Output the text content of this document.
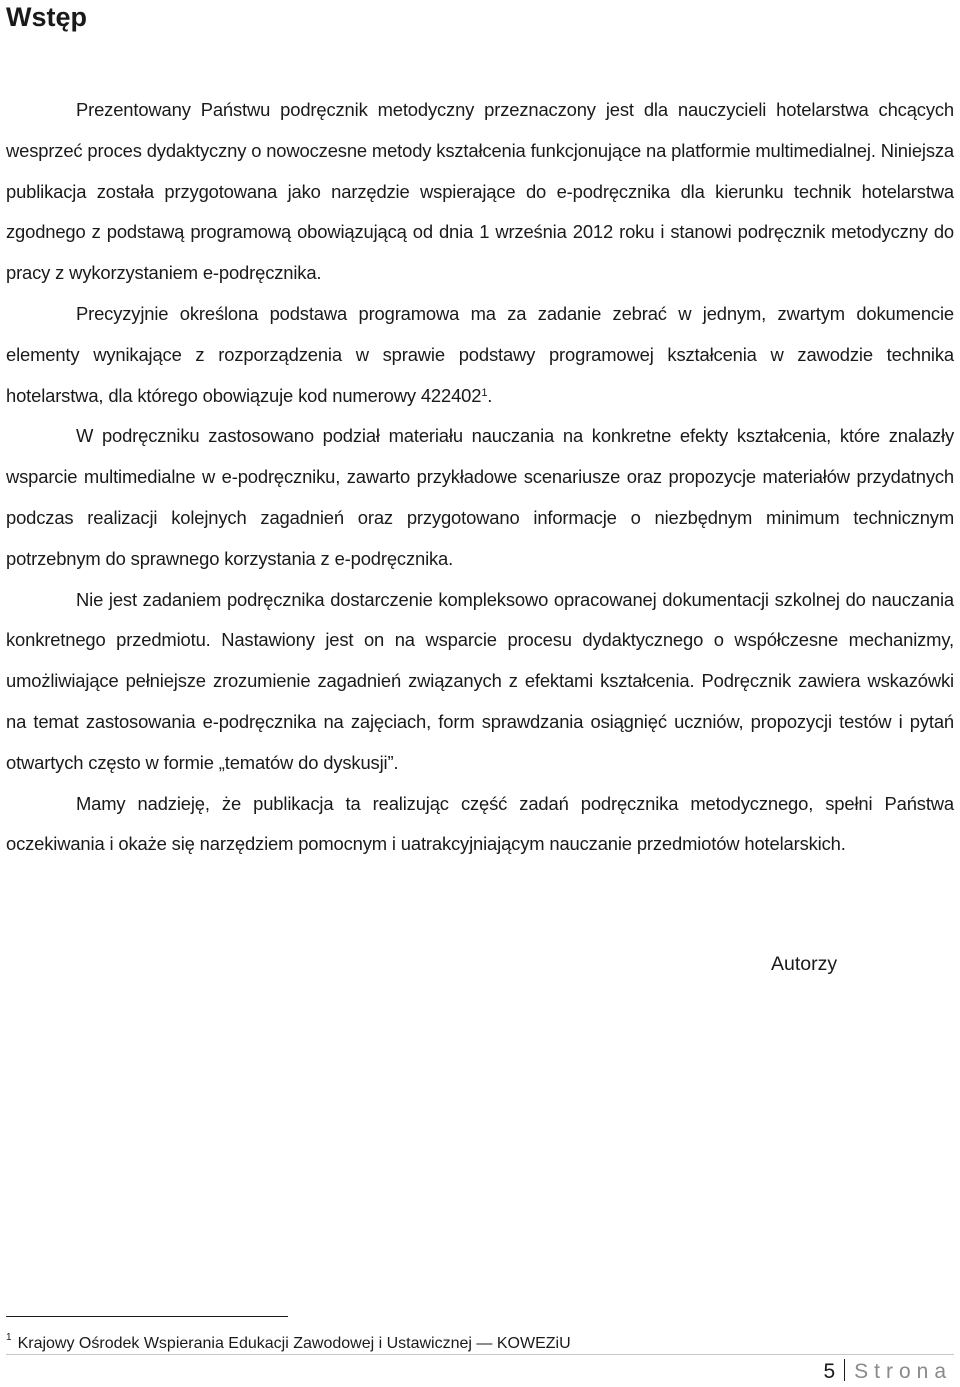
Wstęp

Prezentowany Państwu podręcznik metodyczny przeznaczony jest dla nauczycieli hotelarstwa chcących wesprzeć proces dydaktyczny o nowoczesne metody kształcenia funkcjonujące na platformie multimedialnej. Niniejsza publikacja została przygotowana jako narzędzie wspierające do e-podręcznika dla kierunku technik hotelarstwa zgodnego z podstawą programową obowiązującą od dnia 1 września 2012 roku i stanowi podręcznik metodyczny do pracy z wykorzystaniem e-podręcznika.

Precyzyjnie określona podstawa programowa ma za zadanie zebrać w jednym, zwartym dokumencie elementy wynikające z rozporządzenia w sprawie podstawy programowej kształcenia w zawodzie technika hotelarstwa, dla którego obowiązuje kod numerowy 422402$^1$.

W podręczniku zastosowano podział materiału nauczania na konkretne efekty kształcenia, które znalazły wsparcie multimedialne w e-podręczniku, zawarto przykładowe scenariusze oraz propozycje materiałów przydatnych podczas realizacji kolejnych zagadnień oraz przygotowano informacje o niezbędnym minimum technicznym potrzebnym do sprawnego korzystania z e-podręcznika.

Nie jest zadaniem podręcznika dostarczenie kompleksowo opracowanej dokumentacji szkolnej do nauczania konkretnego przedmiotu. Nastawiony jest on na wsparcie procesu dydaktycznego o współczesne mechanizmy, umożliwiające pełniejsze zrozumienie zagadnień związanych z efektami kształcenia. Podręcznik zawiera wskazówki na temat zastosowania e-podręcznika na zajęciach, form sprawdzania osiągnięć uczniów, propozycji testów i pytań otwartych często w formie „tematów do dyskusji”.

Mamy nadzieję, że publikacja ta realizując część zadań podręcznika metodycznego, spełni Państwa oczekiwania i okaże się narzędziem pomocnym i uatrakcyjniającym nauczanie przedmiotów hotelarskich.

Autorzy
$^1$ Krajowy Ośrodek Wspierania Edukacji Zawodowej i Ustawicznej — KOWEZiU
5 Strona
